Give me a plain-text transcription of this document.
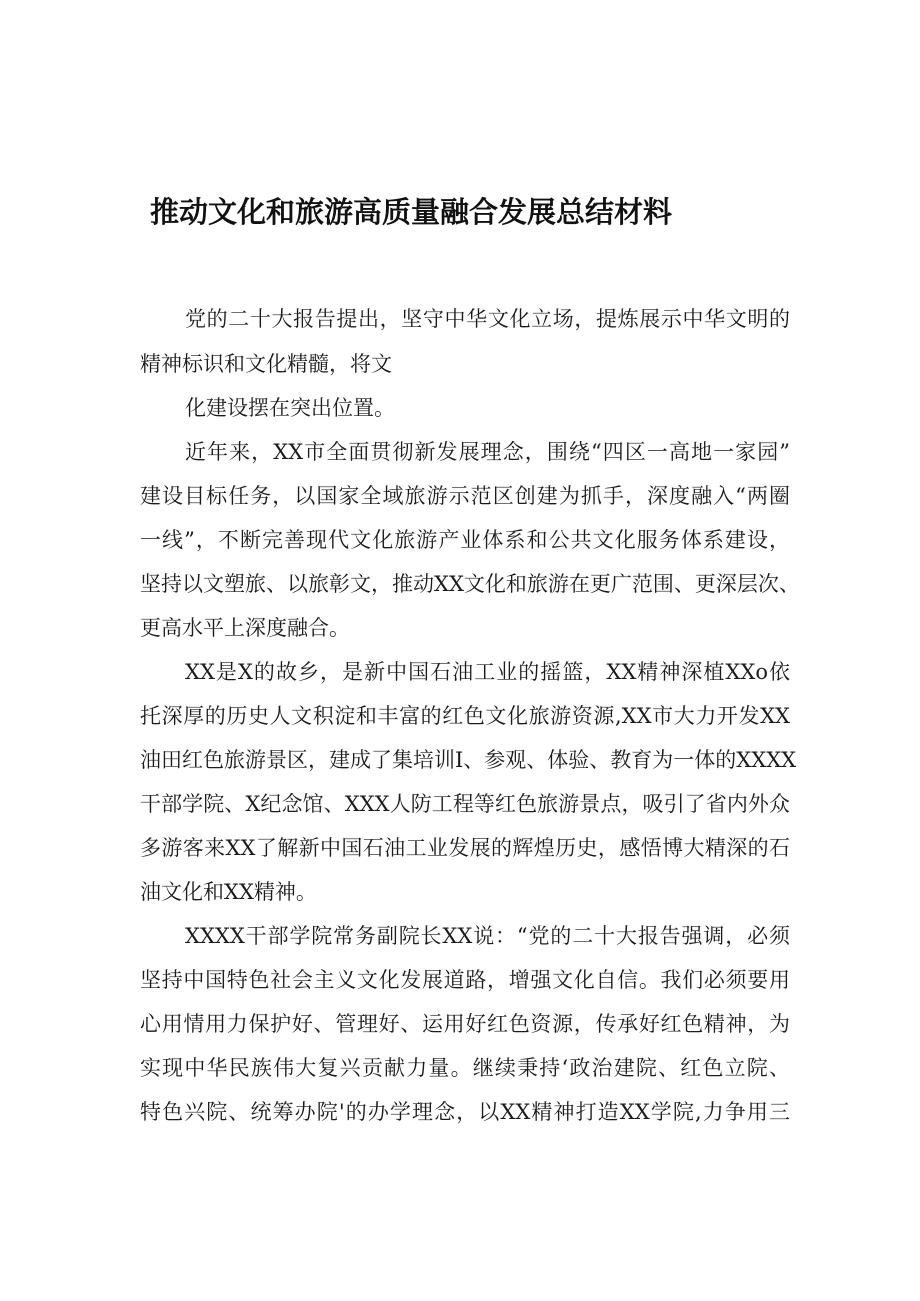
推动文化和旅游高质量融合发展总结材料
党的二十大报告提出，坚守中华文化立场，提炼展示中华文明的
精神标识和文化精髓，将文
化建设摆在突出位置。
近年来，XX市全面贯彻新发展理念，围绕“四区一高地一家园”
建设目标任务，以国家全域旅游示范区创建为抓手，深度融入“两圈
一线”，不断完善现代文化旅游产业体系和公共文化服务体系建设，
坚持以文塑旅、以旅彰文，推动XX文化和旅游在更广范围、更深层次、
更高水平上深度融合。
XX是X的故乡，是新中国石油工业的摇篮，XX精神深植XXo依
托深厚的历史人文积淀和丰富的红色文化旅游资源,XX市大力开发XX
油田红色旅游景区，建成了集培训I、参观、体验、教育为一体的XXXX
干部学院、X纪念馆、XXX人防工程等红色旅游景点，吸引了省内外众
多游客来XX了解新中国石油工业发展的辉煌历史，感悟博大精深的石
油文化和XX精神。
XXXX干部学院常务副院长XX说：“党的二十大报告强调，必须
坚持中国特色社会主义文化发展道路，增强文化自信。我们必须要用
心用情用力保护好、管理好、运用好红色资源，传承好红色精神，为
实现中华民族伟大复兴贡献力量。继续秉持‘政治建院、红色立院、
特色兴院、统筹办院'的办学理念，以XX精神打造XX学院,力争用三
